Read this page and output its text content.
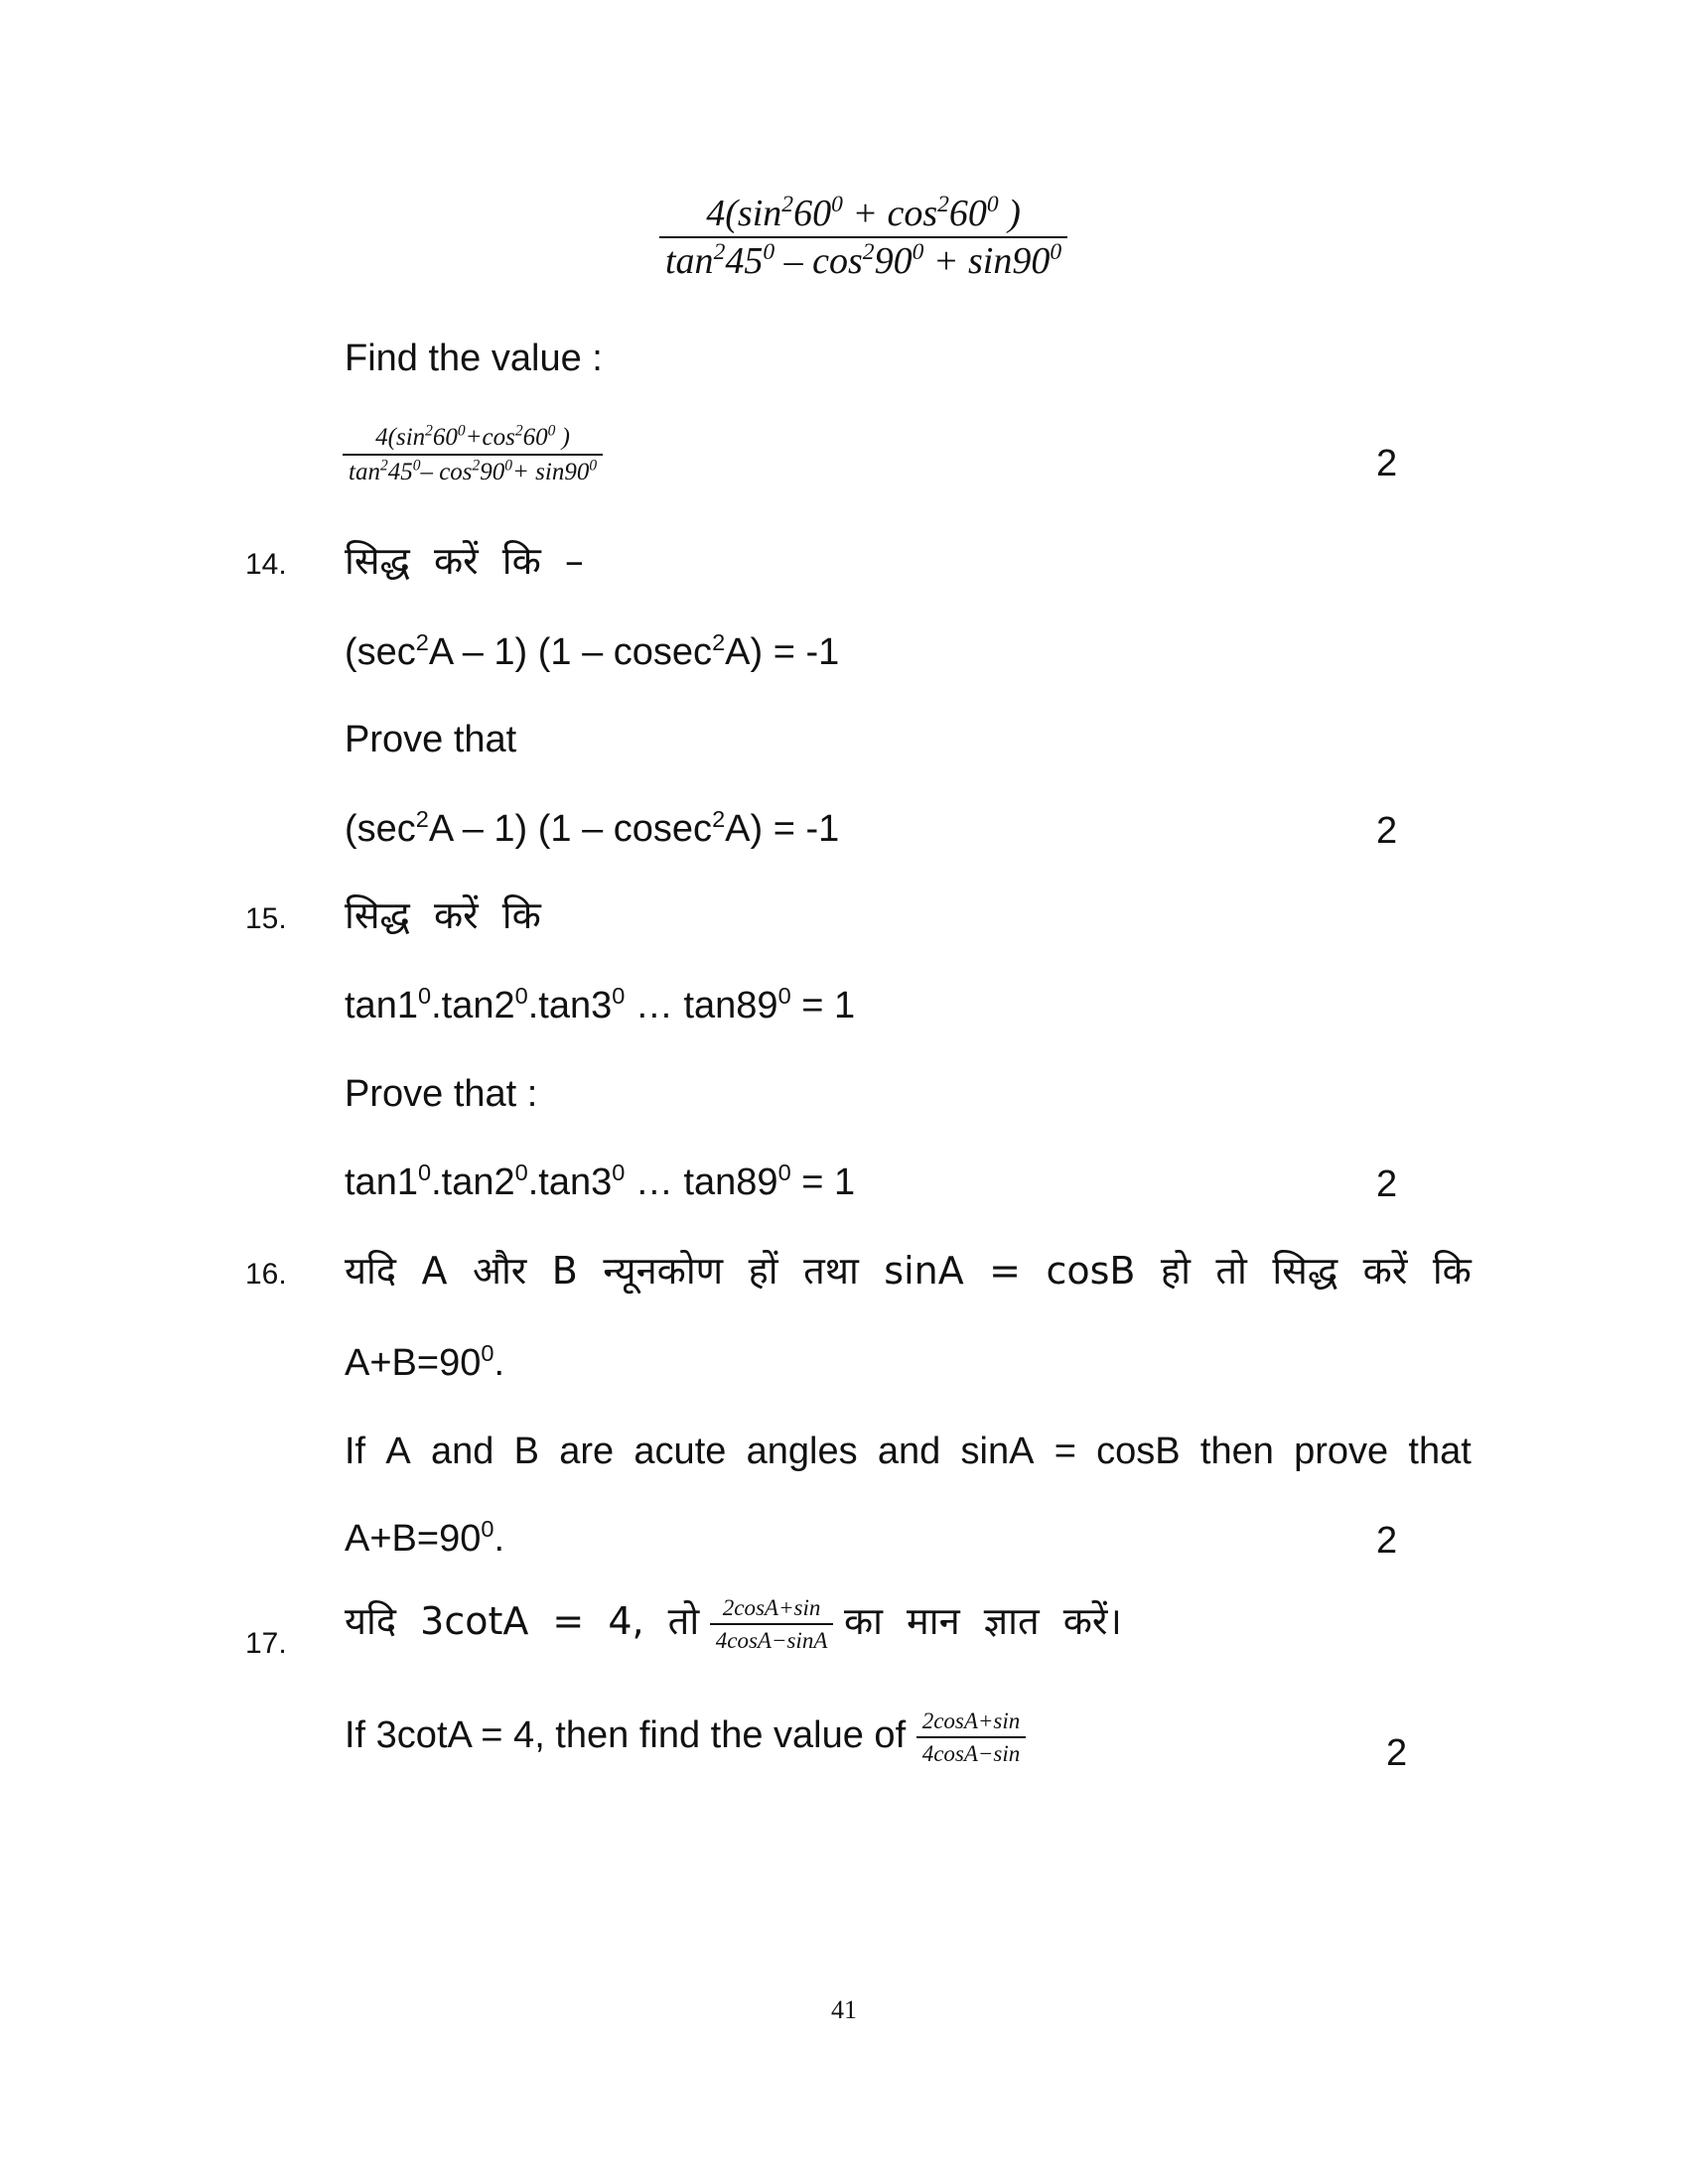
$\frac{4(\sin^260^0 + \cos^260^0 )}{\tan^245^0 - \cos^290^0 + \sin 90^0}$
Find the value :
$\frac{4(\sin^260^0+\cos^260^0 )}{\tan^245^0- \cos^290^0+ \sin 90^0}$	2
14. सिद्ध करें कि –
$(\sec^2A - 1)$ (1 – cosec$^2$A) = -1
Prove that
$(\sec^2A - 1)$ (1 – cosec$^2$A) = -1	2
15. सिद्ध करें कि
$\tan 1^0.\tan 2^0.\tan 3^0$ … $\tan 89^0 = 1$
Prove that :
$\tan 1^0.\tan 2^0.\tan 3^0$ … $\tan 89^0 = 1$	2
16. यदि A और B न्यूनकोण हों तथा sinA = cosB हो तो सिद्ध करें कि
$A+B=90^0$.
If A and B are acute angles and sinA = cosB then prove that
$A+B=90^0$.	2
17.
यदि 3cotA = 4, तो $\frac{2\cos A+\sin}{4\cos A-\sin A}$ का मान ज्ञात करें।
If 3cotA = 4, then find the value of $\frac{2\cos A+\sin}{4\cos A-\sin}$	2
41
